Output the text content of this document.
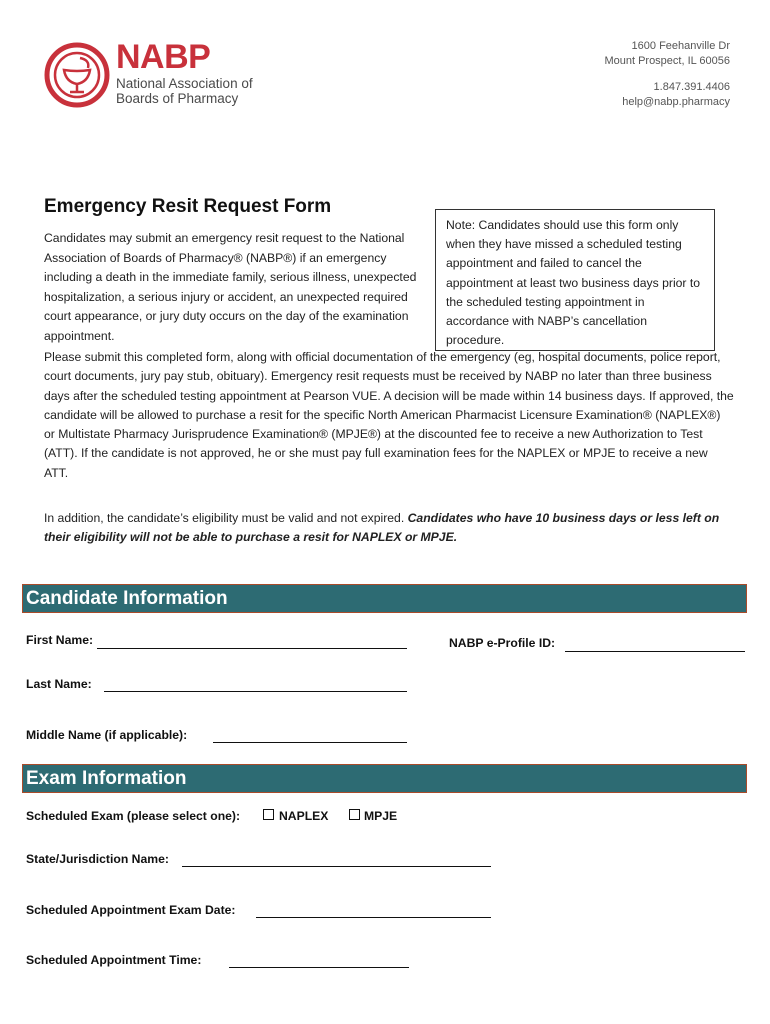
NABP
National Association of
Boards of Pharmacy
1600 Feehanville Dr
Mount Prospect, IL 60056
1.847.391.4406
help@nabp.pharmacy
Emergency Resit Request Form
Candidates may submit an emergency resit request to the National Association of Boards of Pharmacy® (NABP®) if an emergency including a death in the immediate family, serious illness, unexpected hospitalization, a serious injury or accident, an unexpected required court appearance, or jury duty occurs on the day of the examination appointment.
Note: Candidates should use this form only when they have missed a scheduled testing appointment and failed to cancel the appointment at least two business days prior to the scheduled testing appointment in accordance with NABP’s cancellation procedure.
Please submit this completed form, along with official documentation of the emergency (eg, hospital documents, police report, court documents, jury pay stub, obituary). Emergency resit requests must be received by NABP no later than three business days after the scheduled testing appointment at Pearson VUE. A decision will be made within 14 business days. If approved, the candidate will be allowed to purchase a resit for the specific North American Pharmacist Licensure Examination® (NAPLEX®) or Multistate Pharmacy Jurisprudence Examination® (MPJE®) at the discounted fee to receive a new Authorization to Test (ATT). If the candidate is not approved, he or she must pay full examination fees for the NAPLEX or MPJE to receive a new ATT.
In addition, the candidate’s eligibility must be valid and not expired. Candidates who have 10 business days or less left on their eligibility will not be able to purchase a resit for NAPLEX or MPJE.
Candidate Information
First Name:	NABP e-Profile ID:
Last Name:
Middle Name (if applicable):
Exam Information
Scheduled Exam (please select one):	NAPLEX	MPJE
State/Jurisdiction Name:
Scheduled Appointment Exam Date:
Scheduled Appointment Time:
